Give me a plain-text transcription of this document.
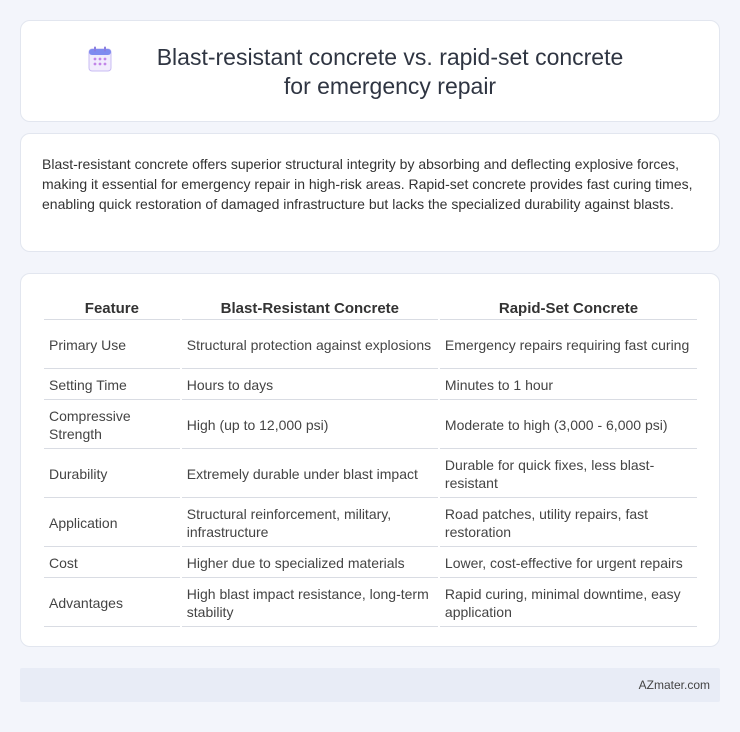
Blast-resistant concrete vs. rapid-set concrete for emergency repair

Blast-resistant concrete offers superior structural integrity by absorbing and deflecting explosive forces, making it essential for emergency repair in high-risk areas. Rapid-set concrete provides fast curing times, enabling quick restoration of damaged infrastructure but lacks the specialized durability against blasts.

Feature	Blast-Resistant Concrete	Rapid-Set Concrete
Primary Use	Structural protection against explosions	Emergency repairs requiring fast curing
Setting Time	Hours to days	Minutes to 1 hour
Compressive Strength	High (up to 12,000 psi)	Moderate to high (3,000 - 6,000 psi)
Durability	Extremely durable under blast impact	Durable for quick fixes, less blast-resistant
Application	Structural reinforcement, military, infrastructure	Road patches, utility repairs, fast restoration
Cost	Higher due to specialized materials	Lower, cost-effective for urgent repairs
Advantages	High blast impact resistance, long-term stability	Rapid curing, minimal downtime, easy application
AZmater.com
